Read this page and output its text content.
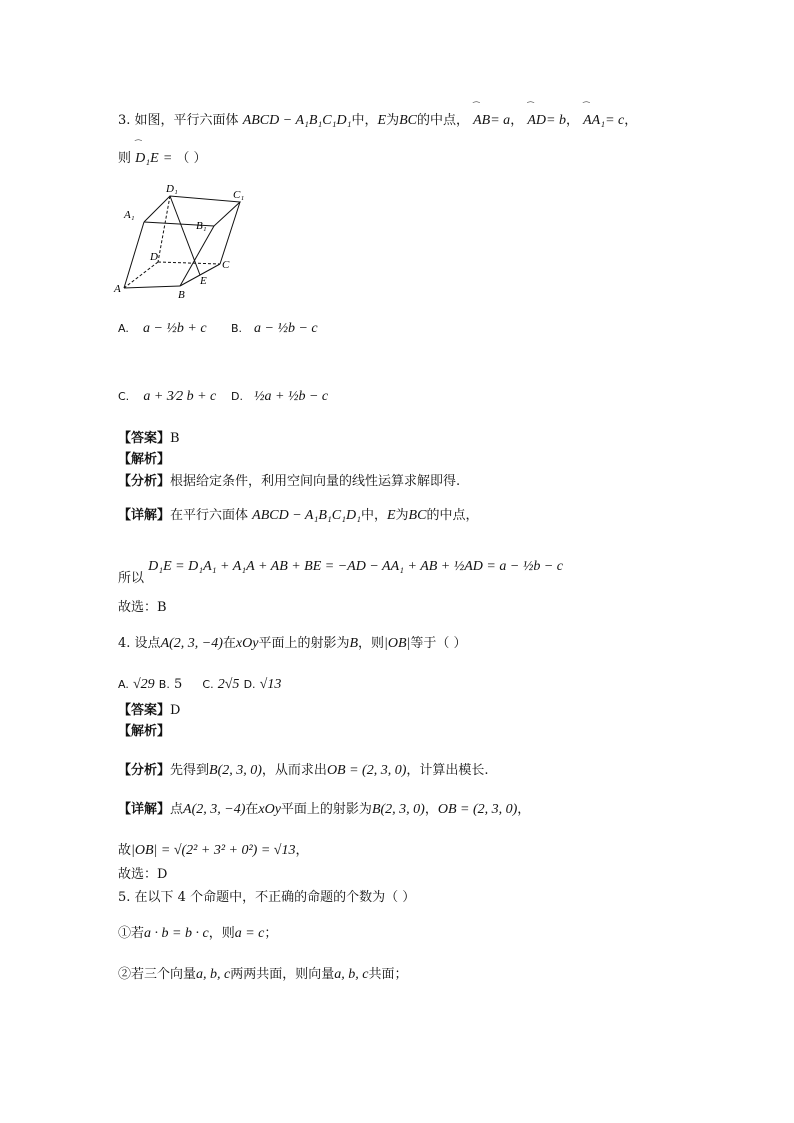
3. 如图，平行六面体 ABCD − A₁B₁C₁D₁中，E为BC的中点，
⁀
AB= a，
⁀
AD= b，
⁀
AA₁= c，
则
⁀
D₁E = （ ）
D₁	C₁
A₁
B₁
D
C
A	B
E
A. a − ½b + c B. a − ½b − c
C. a + 3⁄2 b + c D. ½a + ½b − c
【答案】B
【解析】
【分析】根据给定条件，利用空间向量的线性运算求解即得.
【详解】在平行六面体 ABCD − A₁B₁C₁D₁中，E为BC的中点，
所以 D₁E = D₁A₁ + A₁A + AB + BE = −AD − AA₁ + AB + ½AD = a − ½b − c
故选：B
4. 设点A(2, 3, −4)在xOy平面上的射影为B，则|OB|等于（ ）
A. √29 B. 5 C. 2√5 D. √13
【答案】D
【解析】
【分析】先得到B(2, 3, 0)，从而求出OB = (2, 3, 0)，计算出模长.
【详解】点A(2, 3, −4)在xOy平面上的射影为B(2, 3, 0)，OB = (2, 3, 0)，
故|OB| = √(2² + 3² + 0²) = √13，
故选：D
5. 在以下 4 个命题中，不正确的命题的个数为（ ）
①若a · b = b · c，则a = c；
②若三个向量a, b, c两两共面，则向量a, b, c共面；
